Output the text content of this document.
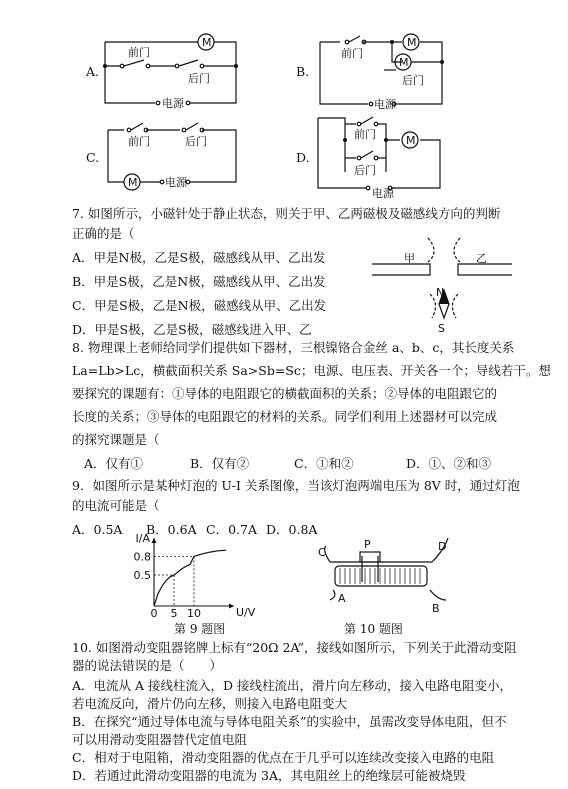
A.
M
前门
后门
电源
B.
M
M
前门
后门
电源
C.
M
前门	后门
电源
D.
M
前门
后门
电源
7. 如图所示，小磁针处于静止状态，则关于甲、乙两磁极及磁感线方向的判断
正确的是（
A．甲是N极，乙是S极，磁感线从甲、乙出发
B．甲是S极，乙是N极，磁感线从甲、乙出发
C．甲是S极，乙是N极，磁感线从甲、乙出发
D．甲是S极，乙是S极，磁感线进入甲、乙
甲	乙
N
S
8. 物理课上老师给同学们提供如下器材，三根镍铬合金丝 a、b、c，其长度关系
La=Lb>Lc，横截面积关系 Sa>Sb=Sc；电源、电压表、开关各一个；导线若干。想
要探究的课题有：①导体的电阻跟它的横截面积的关系；②导体的电阻跟它的
长度的关系；③导体的电阻跟它的材料的关系。同学们利用上述器材可以完成
的探究课题是（
A．仅有①	B．仅有②	C．①和②	D．①、②和③
9．如图所示是某种灯泡的 U-I 关系图像，当该灯泡两端电压为 8V 时，通过灯泡
的电流可能是（
A．0.5A B．0.6A C．0.7A D．0.8A
I/A
U/V
0.5
0.8
0 5 10
C
P	D
A
B
第 9 题图	第 10 题图
10. 如图滑动变阻器铭牌上标有“20Ω 2A”，接线如图所示，下列关于此滑动变阻
器的说法错误的是（　　）
A．电流从 A 接线柱流入，D 接线柱流出，滑片向左移动，接入电路电阻变小，
若电流反向，滑片仍向左移，则接入电路电阻变大
B．在探究“通过导体电流与导体电阻关系”的实验中，虽需改变导体电阻，但不
可以用滑动变阻器替代定值电阻
C．相对于电阻箱，滑动变阻器的优点在于几乎可以连续改变接入电路的电阻
D．若通过此滑动变阻器的电流为 3A，其电阻丝上的绝缘层可能被烧毁
